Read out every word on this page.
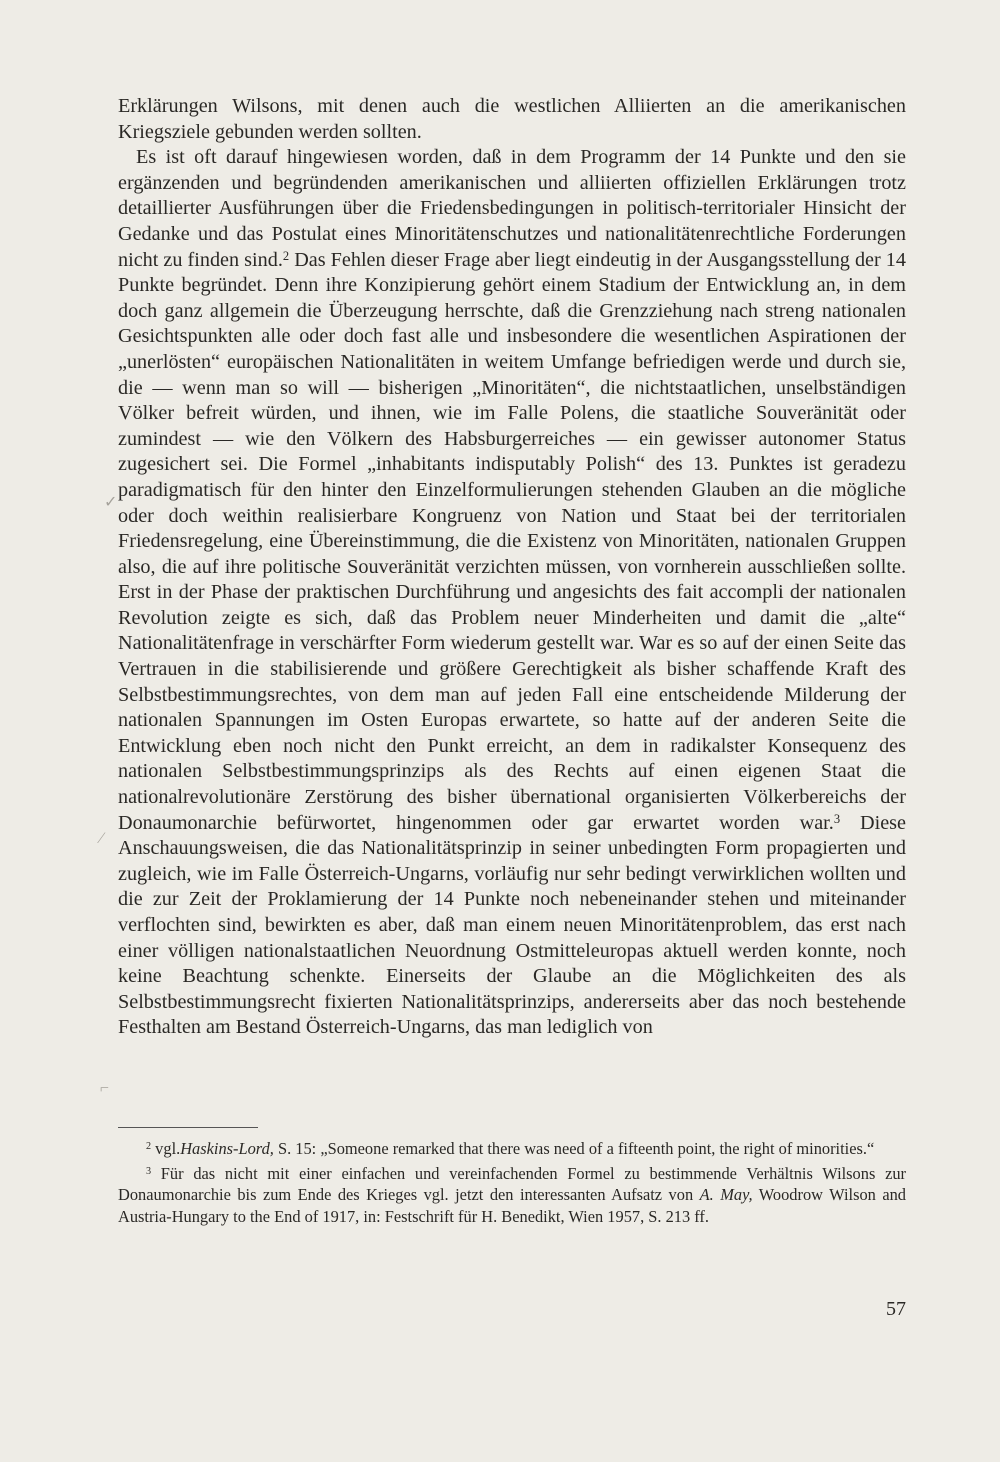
✓
⁄
⌐

Erklärungen Wilsons, mit denen auch die westlichen Alliierten an die amerikanischen Kriegsziele gebunden werden sollten.

Es ist oft darauf hingewiesen worden, daß in dem Programm der 14 Punkte und den sie ergänzenden und begründenden amerikanischen und alliierten offiziellen Erklärungen trotz detaillierter Ausführungen über die Friedensbedingungen in politisch-territorialer Hinsicht der Gedanke und das Postulat eines Minoritätenschutzes und nationalitätenrechtliche Forderungen nicht zu finden sind.$^2$ Das Fehlen dieser Frage aber liegt eindeutig in der Ausgangsstellung der 14 Punkte begründet. Denn ihre Konzipierung gehört einem Stadium der Entwicklung an, in dem doch ganz allgemein die Überzeugung herrschte, daß die Grenzziehung nach streng nationalen Gesichtspunkten alle oder doch fast alle und insbesondere die wesentlichen Aspirationen der „unerlösten“ europäischen Nationalitäten in weitem Umfange befriedigen werde und durch sie, die — wenn man so will — bisherigen „Minoritäten“, die nichtstaatlichen, unselbständigen Völker befreit würden, und ihnen, wie im Falle Polens, die staatliche Souveränität oder zumindest — wie den Völkern des Habsburgerreiches — ein gewisser autonomer Status zugesichert sei. Die Formel „inhabitants indisputably Polish“ des 13. Punktes ist geradezu paradigmatisch für den hinter den Einzelformulierungen stehenden Glauben an die mögliche oder doch weithin realisierbare Kongruenz von Nation und Staat bei der territorialen Friedensregelung, eine Übereinstimmung, die die Existenz von Minoritäten, nationalen Gruppen also, die auf ihre politische Souveränität verzichten müssen, von vornherein ausschließen sollte. Erst in der Phase der praktischen Durchführung und angesichts des fait accompli der nationalen Revolution zeigte es sich, daß das Problem neuer Minderheiten und damit die „alte“ Nationalitätenfrage in verschärfter Form wiederum gestellt war. War es so auf der einen Seite das Vertrauen in die stabilisierende und größere Gerechtigkeit als bisher schaffende Kraft des Selbstbestimmungsrechtes, von dem man auf jeden Fall eine entscheidende Milderung der nationalen Spannungen im Osten Europas erwartete, so hatte auf der anderen Seite die Entwicklung eben noch nicht den Punkt erreicht, an dem in radikalster Konsequenz des nationalen Selbstbestimmungsprinzips als des Rechts auf einen eigenen Staat die nationalrevolutionäre Zerstörung des bisher übernational organisierten Völkerbereichs der Donaumonarchie befürwortet, hingenommen oder gar erwartet worden war.$^3$ Diese Anschauungsweisen, die das Nationalitätsprinzip in seiner unbedingten Form propagierten und zugleich, wie im Falle Österreich-Ungarns, vorläufig nur sehr bedingt verwirklichen wollten und die zur Zeit der Proklamierung der 14 Punkte noch nebeneinander stehen und miteinander verflochten sind, bewirkten es aber, daß man einem neuen Minoritätenproblem, das erst nach einer völligen nationalstaatlichen Neuordnung Ostmitteleuropas aktuell werden konnte, noch keine Beachtung schenkte. Einerseits der Glaube an die Möglichkeiten des als Selbstbestimmungsrecht fixierten Nationalitätsprinzips, andererseits aber das noch bestehende Festhalten am Bestand Österreich-Ungarns, das man lediglich von

$^2$ vgl.Haskins-Lord, S. 15: „Someone remarked that there was need of a fifteenth point, the right of minorities.“

$^3$ Für das nicht mit einer einfachen und vereinfachenden Formel zu bestimmende Verhältnis Wilsons zur Donaumonarchie bis zum Ende des Krieges vgl. jetzt den interessanten Aufsatz von A. May, Woodrow Wilson and Austria-Hungary to the End of 1917, in: Festschrift für H. Benedikt, Wien 1957, S. 213 ff.

57
